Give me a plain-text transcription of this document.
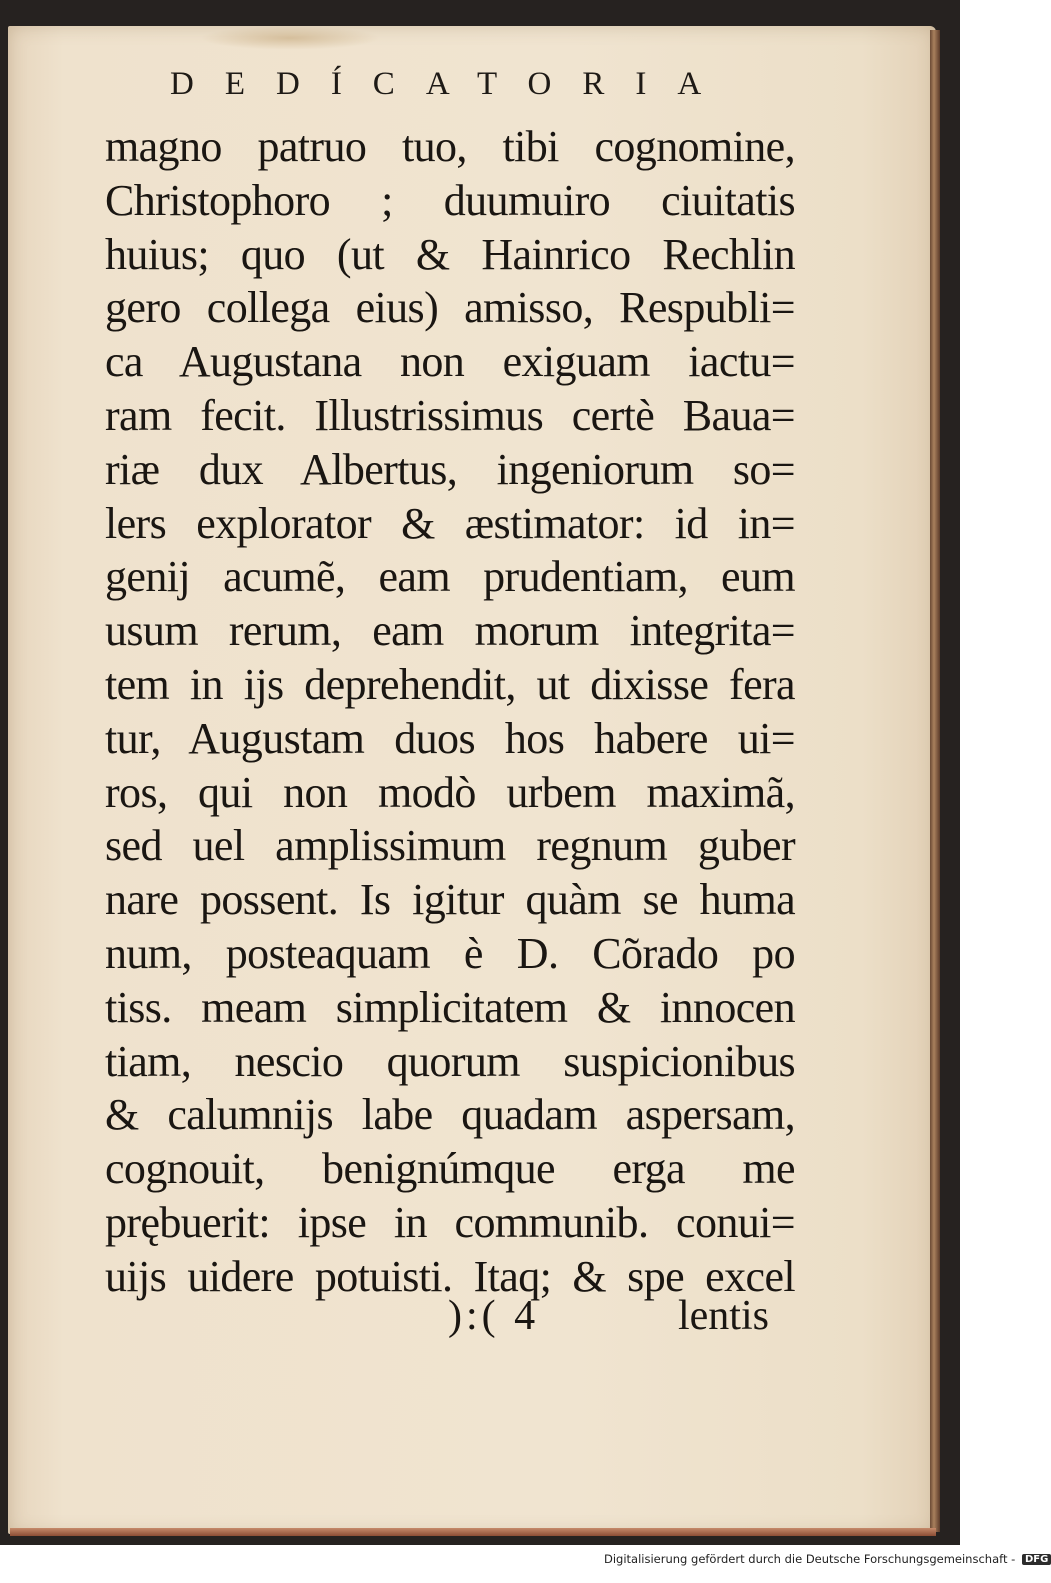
DEDÍCATORIA
magno patruo tuo, tibi cognomine,
Christophoro ; duumuiro ciuitatis
huius; quo (ut & Hainrico Rechlin
gero collega eius) amisso, Respubli=
ca Augustana non exiguam iactu=
ram fecit. Illustrissimus certè Baua=
riæ dux Albertus, ingeniorum so=
lers explorator & æstimator: id in=
genij acumẽ, eam prudentiam, eum
usum rerum, eam morum integrita=
tem in ijs deprehendit, ut dixisse fera
tur, Augustam duos hos habere ui=
ros, qui non modò urbem maximã,
sed uel amplissimum regnum guber
nare possent. Is igitur quàm se huma
num, posteaquam è D. Cõrado po
tiss. meam simplicitatem & innocen
tiam, nescio quorum suspicionibus
& calumnijs labe quadam aspersam,
cognouit, benignúmque erga me
prębuerit: ipse in communib. conui=
uijs uidere potuisti. Itaq; & spe excel
):( 4	lentis
Digitalisierung gefördert durch die Deutsche Forschungsgemeinschaft - DFG
